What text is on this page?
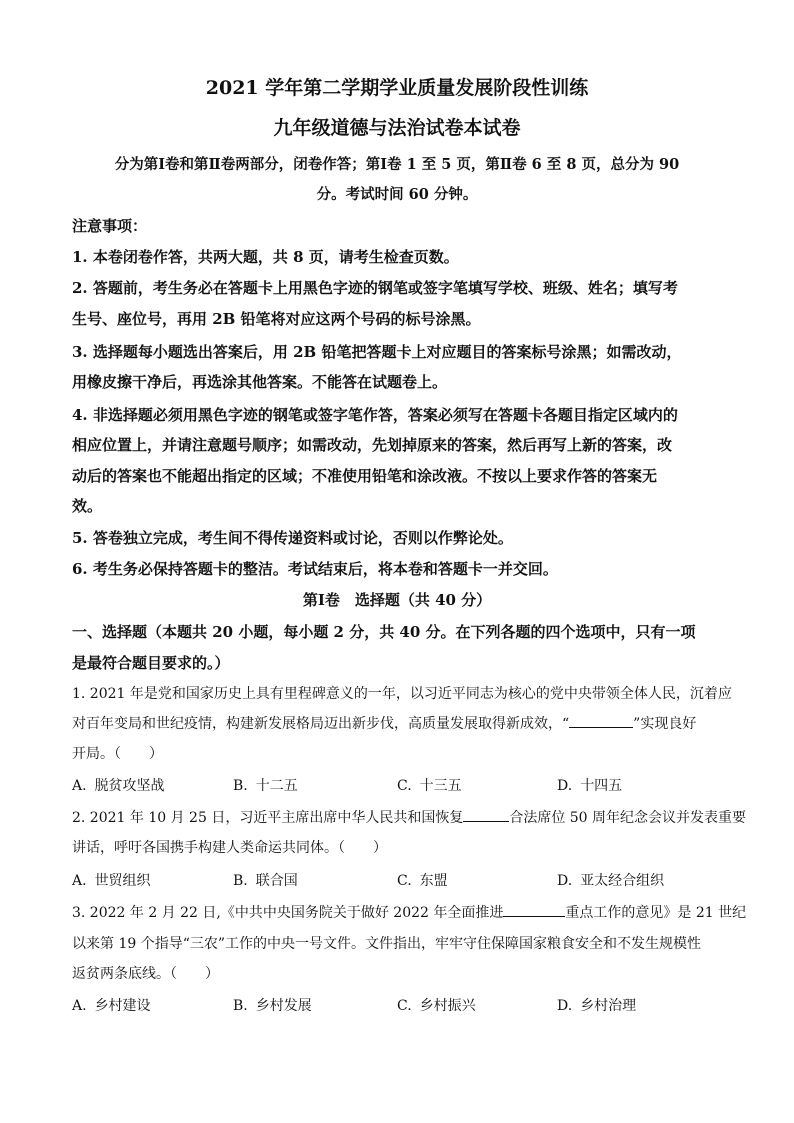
2021 学年第二学期学业质量发展阶段性训练
九年级道德与法治试卷本试卷
分为第Ⅰ卷和第Ⅱ卷两部分，闭卷作答；第Ⅰ卷 1 至 5 页，第Ⅱ卷 6 至 8 页，总分为 90
分。考试时间 60 分钟。
注意事项：
1. 本卷闭卷作答，共两大题，共 8 页，请考生检查页数。
2. 答题前，考生务必在答题卡上用黑色字迹的钢笔或签字笔填写学校、班级、姓名；填写考
生号、座位号，再用 2B 铅笔将对应这两个号码的标号涂黑。
3. 选择题每小题选出答案后，用 2B 铅笔把答题卡上对应题目的答案标号涂黑；如需改动，
用橡皮擦干净后，再选涂其他答案。不能答在试题卷上。
4. 非选择题必须用黑色字迹的钢笔或签字笔作答，答案必须写在答题卡各题目指定区域内的
相应位置上，并请注意题号顺序；如需改动，先划掉原来的答案，然后再写上新的答案，改
动后的答案也不能超出指定的区域；不准使用铅笔和涂改液。不按以上要求作答的答案无
效。
5. 答卷独立完成，考生间不得传递资料或讨论，否则以作弊论处。
6. 考生务必保持答题卡的整洁。考试结束后，将本卷和答题卡一并交回。
第Ⅰ卷　选择题（共 40 分）
一、选择题（本题共 20 小题，每小题 2 分，共 40 分。在下列各题的四个选项中，只有一项
是最符合题目要求的。）
1. 2021 年是党和国家历史上具有里程碑意义的一年，以习近平同志为核心的党中央带领全体人民，沉着应
对百年变局和世纪疫情，构建新发展格局迈出新步伐，高质量发展取得新成效，“	”实现良好
开局。（　　）
A. 脱贫攻坚战	B. 十二五	C. 十三五	D. 十四五
2. 2021 年 10 月 25 日，习近平主席出席中华人民共和国恢复	合法席位 50 周年纪念会议并发表重要
讲话，呼吁各国携手构建人类命运共同体。（　　）
A. 世贸组织	B. 联合国	C. 东盟	D. 亚太经合组织
3. 2022 年 2 月 22 日,《中共中央国务院关于做好 2022 年全面推进	重点工作的意见》是 21 世纪
以来第 19 个指导“三农”工作的中央一号文件。文件指出，牢牢守住保障国家粮食安全和不发生规模性
返贫两条底线。（　　）
A. 乡村建设	B. 乡村发展	C. 乡村振兴	D. 乡村治理
